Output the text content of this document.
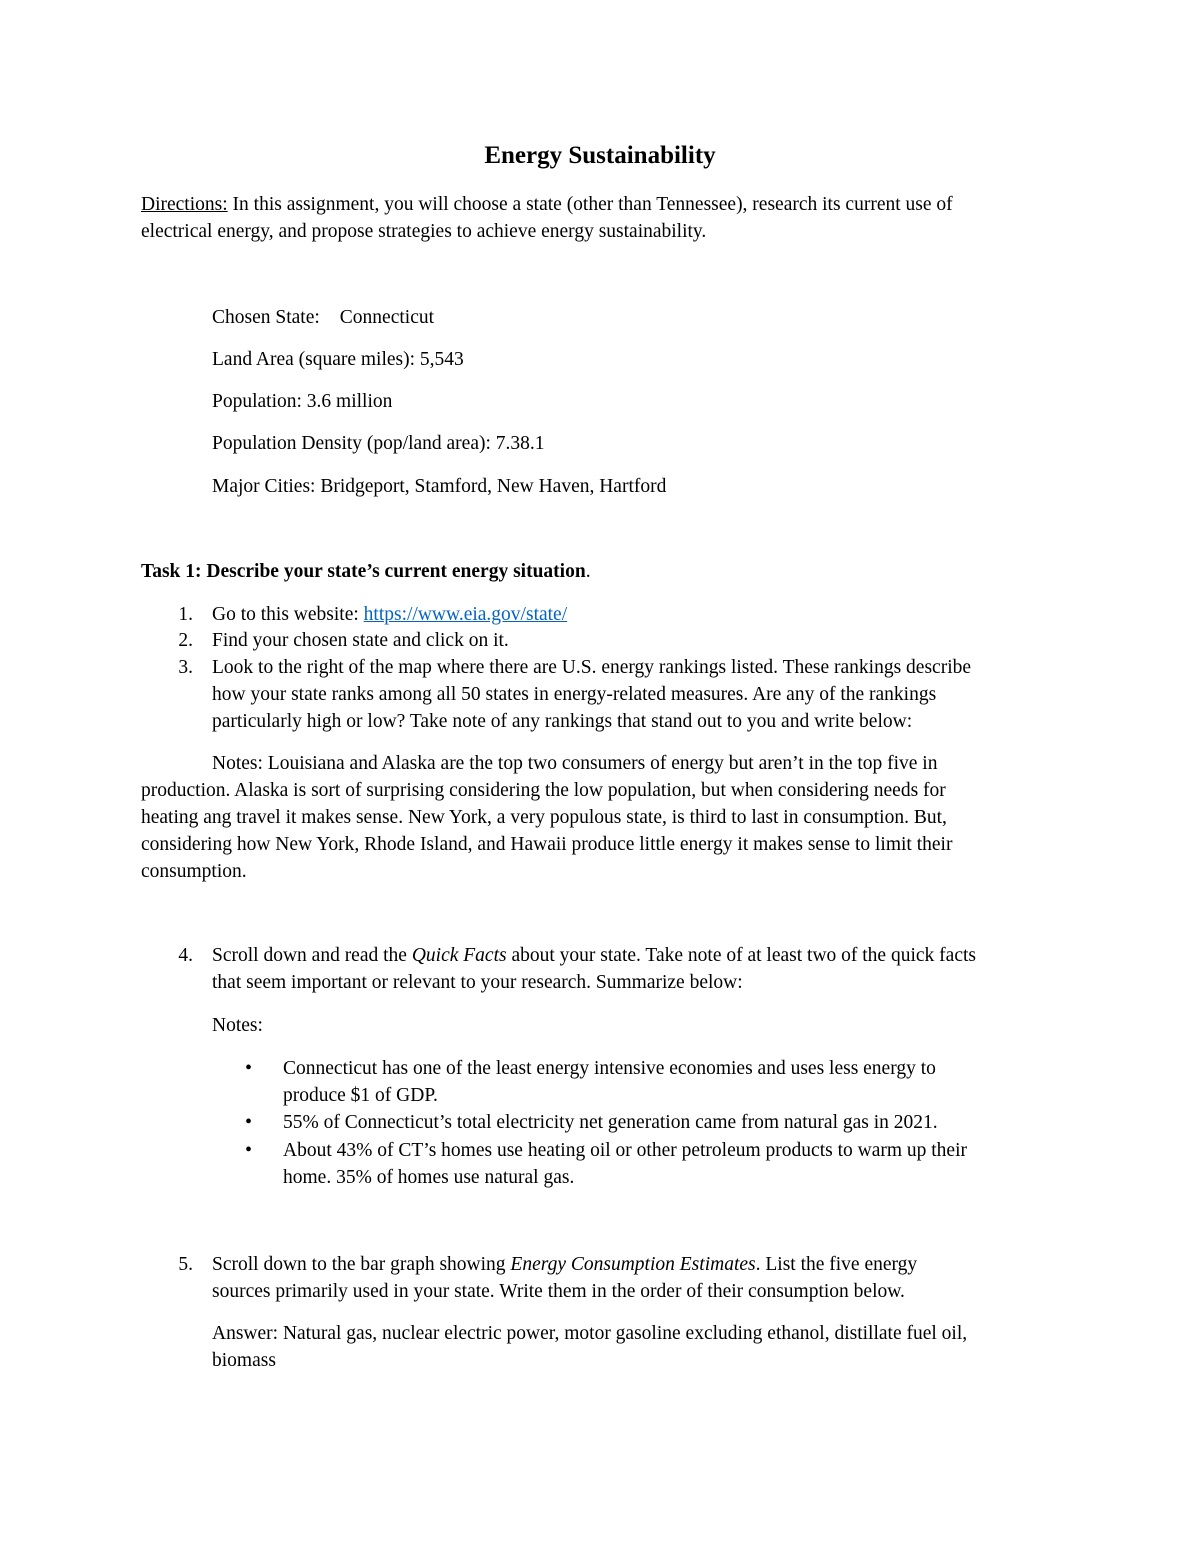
Energy Sustainability
Directions: In this assignment, you will choose a state (other than Tennessee), research its current use of
electrical energy, and propose strategies to achieve energy sustainability.
Chosen State: Connecticut
Land Area (square miles): 5,543
Population: 3.6 million
Population Density (pop/land area): 7.38.1
Major Cities: Bridgeport, Stamford, New Haven, Hartford
Task 1: Describe your state’s current energy situation.
1. Go to this website: https://www.eia.gov/state/
2. Find your chosen state and click on it.
3. Look to the right of the map where there are U.S. energy rankings listed. These rankings describe
how your state ranks among all 50 states in energy-related measures. Are any of the rankings
particularly high or low? Take note of any rankings that stand out to you and write below:
Notes: Louisiana and Alaska are the top two consumers of energy but aren’t in the top five in
production. Alaska is sort of surprising considering the low population, but when considering needs for
heating ang travel it makes sense. New York, a very populous state, is third to last in consumption. But,
considering how New York, Rhode Island, and Hawaii produce little energy it makes sense to limit their
consumption.
4. Scroll down and read the Quick Facts about your state. Take note of at least two of the quick facts
that seem important or relevant to your research. Summarize below:
Notes:
• Connecticut has one of the least energy intensive economies and uses less energy to
produce $1 of GDP.
• 55% of Connecticut’s total electricity net generation came from natural gas in 2021.
• About 43% of CT’s homes use heating oil or other petroleum products to warm up their
home. 35% of homes use natural gas.
5. Scroll down to the bar graph showing Energy Consumption Estimates. List the five energy
sources primarily used in your state. Write them in the order of their consumption below.
Answer: Natural gas, nuclear electric power, motor gasoline excluding ethanol, distillate fuel oil,
biomass
